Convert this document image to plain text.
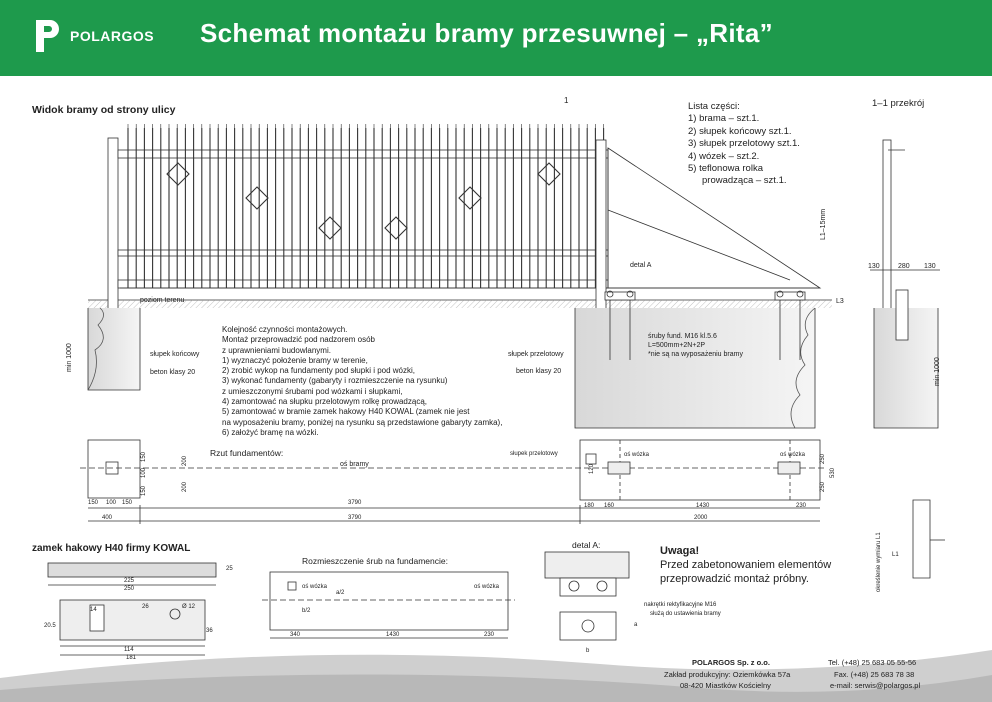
POLARGOS Schemat montażu bramy przesuwnej – „Rita”
Widok bramy od strony ulicy
1–1 przekrój
1
Lista części:
1) brama – szt.1.
2) słupek końcowy szt.1.
3) słupek przelotowy szt.1.
4) wózek – szt.2.
5) teflonowa rolka
prowadząca – szt.1.
Kolejność czynności montażowych.
Montaż przeprowadzić pod nadzorem osób
z uprawnieniami budowlanymi.
1) wyznaczyć położenie bramy w terenie,
2) zrobić wykop na fundamenty pod słupki i pod wózki,
3) wykonać fundamenty (gabaryty i rozmieszczenie na rysunku)
z umieszczonymi śrubami pod wózkami i słupkami,
4) zamontować na słupku przelotowym rolkę prowadzącą,
5) zamontować w bramie zamek hakowy H40 KOWAL (zamek nie jest
na wyposażeniu bramy, poniżej na rysunku są przedstawione gabaryty zamka),
6) założyć bramę na wózki.
poziom terenu
słupek końcowy
beton klasy 20
słupek przelotowy
beton klasy 20
detal A
śruby fund. M16 kl.5.6
L=500mm+2N+2P
*nie są na wyposażeniu bramy
min 1000	min 1000
L1–15mm
L3
130	280 130
Rzut fundamentów:
oś bramy
słupek przelotowy	oś wózka	oś wózka
150 100 150	3790	180 160	1430	230
400	3790	2000
150
100
150	200
200
250
250
530
120
zamek hakowy H40 firmy KOWAL
25
225
250
14	26	Ø 12
20.5
36
114
181
Rozmieszczenie śrub na fundamencie:
oś wózka	oś wózka
a/2
b/2
340	1430	230
detal A:
nakrętki rektyfikacyjne M16
służą do ustawienia bramy
a
b
Uwaga!
Przed zabetonowaniem elementów
przeprowadzić montaż próbny.
L1
określenie wymiaru L1
POLARGOS Sp. z o.o.
Zakład produkcyjny: Oziemkówka 57a
08-420 Miastków Kościelny
Tel. (+48) 25 683 05 55-56
Fax. (+48) 25 683 78 38
e-mail: serwis@polargos.pl
